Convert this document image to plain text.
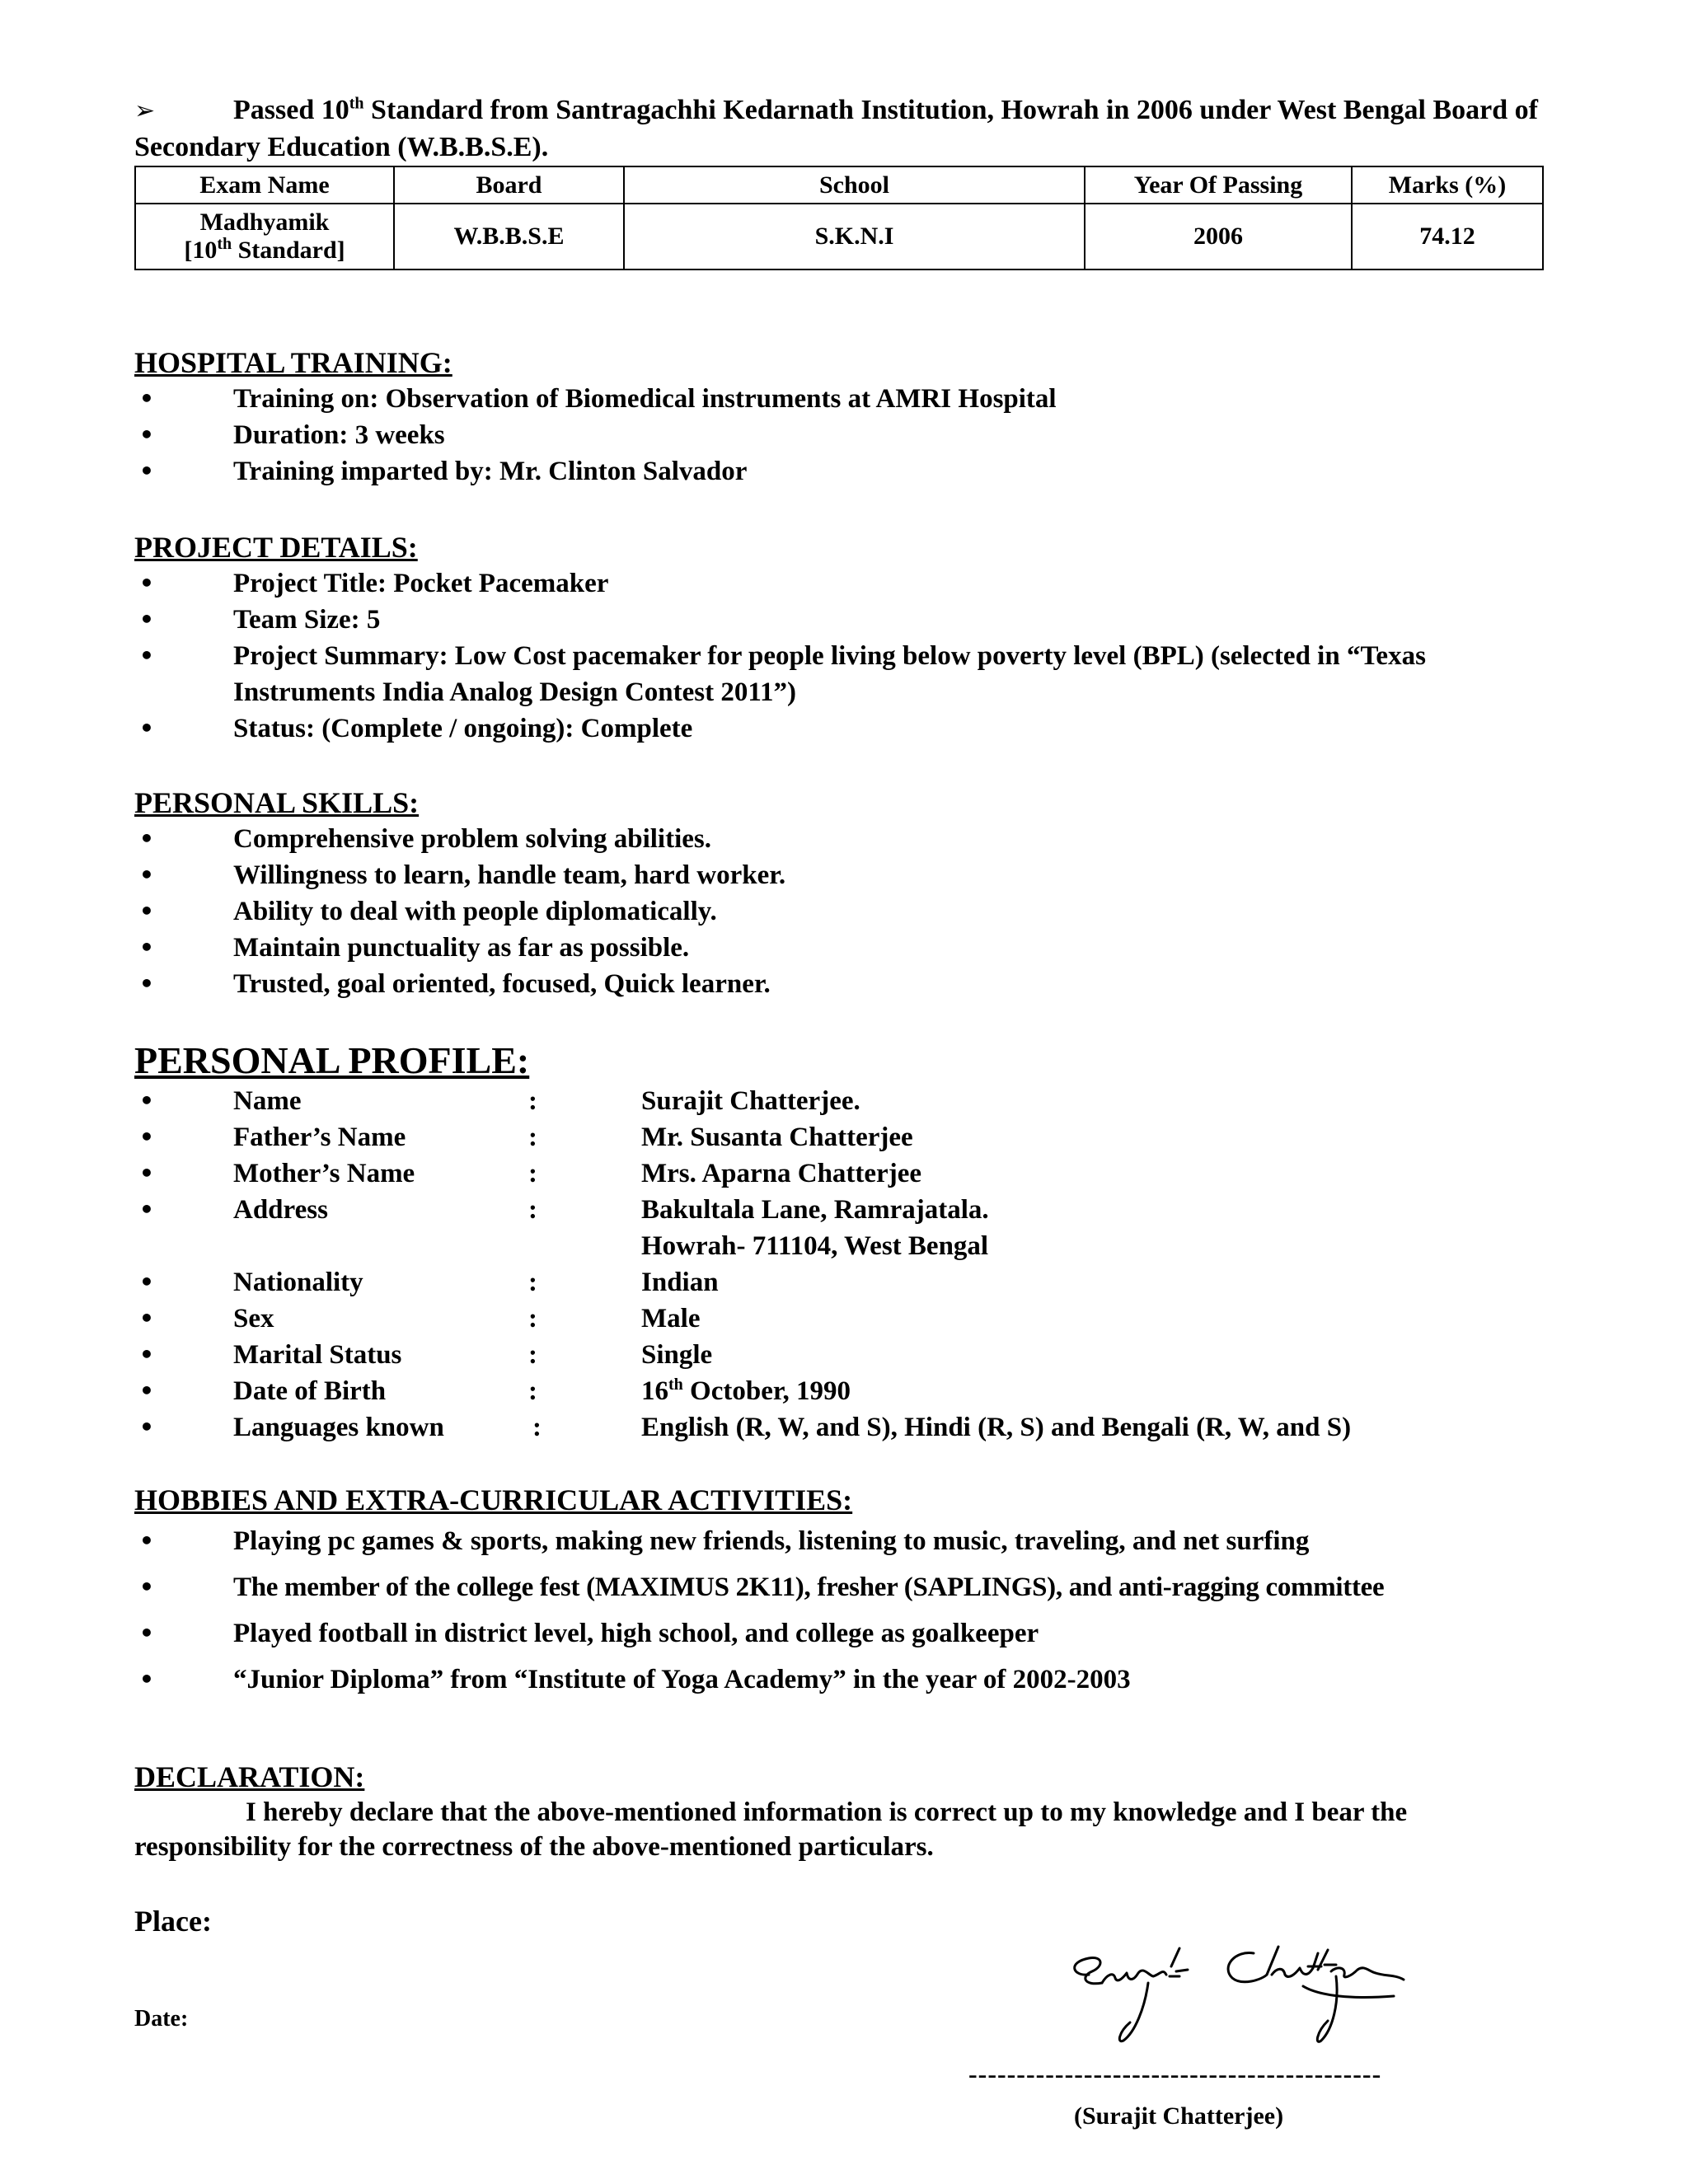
➢	Passed 10th Standard from Santragachhi Kedarnath Institution, Howrah in 2006 under West Bengal Board of Secondary Education (W.B.B.S.E).

Exam Name	Board	School	Year Of Passing	Marks (%)
Madhyamik
[10th Standard]	W.B.B.S.E	S.K.N.I	2006	74.12

HOSPITAL TRAINING:

• Training on: Observation of Biomedical instruments at AMRI Hospital
• Duration: 3 weeks
• Training imparted by: Mr. Clinton Salvador

PROJECT DETAILS:

• Project Title: Pocket Pacemaker
• Team Size: 5
• Project Summary: Low Cost pacemaker for people living below poverty level (BPL) (selected in “Texas Instruments India Analog Design Contest 2011”)
• Status: (Complete / ongoing): Complete

PERSONAL SKILLS:

• Comprehensive problem solving abilities.
• Willingness to learn, handle team, hard worker.
• Ability to deal with people diplomatically.
• Maintain punctuality as far as possible.
• Trusted, goal oriented, focused, Quick learner.

PERSONAL PROFILE:

•	Name	:	Surajit Chatterjee.
•	Father’s Name	:	Mr. Susanta Chatterjee
•	Mother’s Name	:	Mrs. Aparna Chatterjee
•	Address	:	Bakultala Lane, Ramrajatala.
Howrah- 711104, West Bengal
•	Nationality	:	Indian
•	Sex	:	Male
•	Marital Status	:	Single
•	Date of Birth	:	16th October, 1990
•	Languages known	:	English (R, W, and S), Hindi (R, S) and Bengali (R, W, and S)

HOBBIES AND EXTRA-CURRICULAR ACTIVITIES:

• Playing pc games & sports, making new friends, listening to music, traveling, and net surfing
• The member of the college fest (MAXIMUS 2K11), fresher (SAPLINGS), and anti-ragging committee
• Played football in district level, high school, and college as goalkeeper
• “Junior Diploma” from “Institute of Yoga Academy” in the year of 2002-2003

DECLARATION:

I hereby declare that the above-mentioned information is correct up to my knowledge and I bear the responsibility for the correctness of the above-mentioned particulars.

Place:
Date:
-------------------------------------------
(Surajit Chatterjee)
